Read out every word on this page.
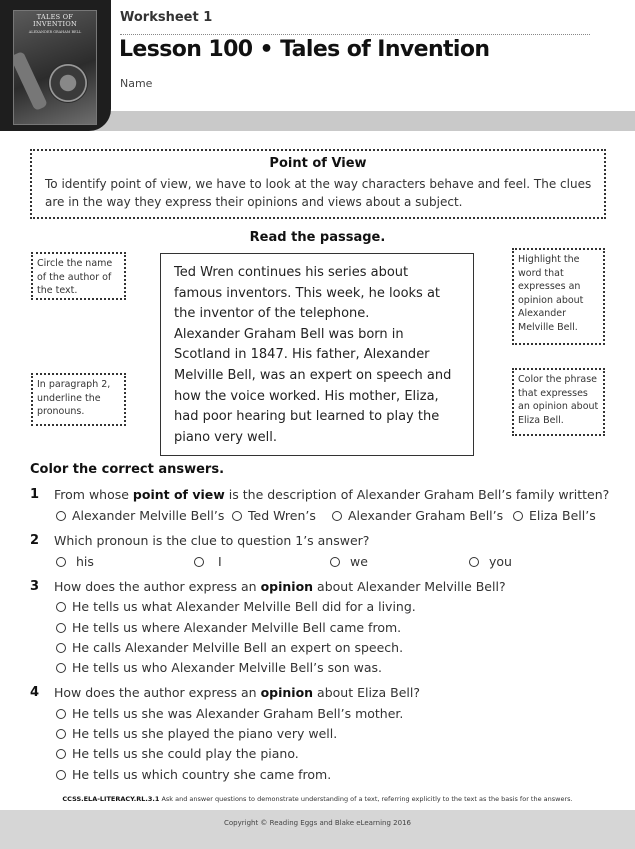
TALES OF INVENTION
ALEXANDER GRAHAM BELL
Worksheet 1
Lesson 100 • Tales of Invention
Name
Point of View
To identify point of view, we have to look at the way characters behave and feel. The clues are in the way they express their opinions and views about a subject.
Read the passage.
Circle the name of the author of the text.
In paragraph 2, underline the pronouns.
Highlight the word that expresses an opinion about Alexander Melville Bell.
Color the phrase that expresses an opinion about Eliza Bell.
Ted Wren continues his series about famous inventors. This week, he looks at the inventor of the telephone.
Alexander Graham Bell was born in Scotland in 1847. His father, Alexander Melville Bell, was an expert on speech and how the voice worked. His mother, Eliza, had poor hearing but learned to play the piano very well.
Color the correct answers.
1 From whose point of view is the description of Alexander Graham Bell’s family written?
Alexander Melville Bell’s	Ted Wren’s	Alexander Graham Bell’s	Eliza Bell’s
2 Which pronoun is the clue to question 1’s answer?
his	I	we	you
3 How does the author express an opinion about Alexander Melville Bell?
He tells us what Alexander Melville Bell did for a living.
He tells us where Alexander Melville Bell came from.
He calls Alexander Melville Bell an expert on speech.
He tells us who Alexander Melville Bell’s son was.
4 How does the author express an opinion about Eliza Bell?
He tells us she was Alexander Graham Bell’s mother.
He tells us she played the piano very well.
He tells us she could play the piano.
He tells us which country she came from.
CCSS.ELA-LITERACY.RL.3.1 Ask and answer questions to demonstrate understanding of a text, referring explicitly to the text as the basis for the answers.
Copyright © Reading Eggs and Blake eLearning 2016
